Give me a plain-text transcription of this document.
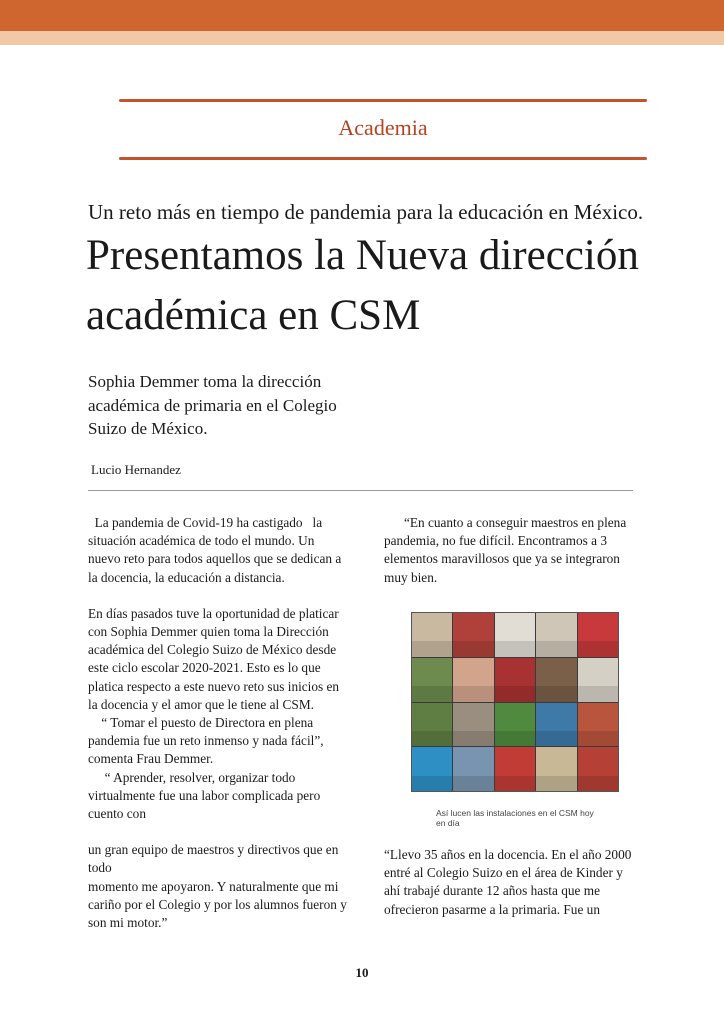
Academia
Un reto más en tiempo de pandemia para la educación en México.
Presentamos la Nueva dirección académica en CSM
Sophia Demmer toma la dirección académica de primaria en el Colegio Suizo de México.
Lucio Hernandez

La pandemia de Covid-19 ha castigado   la situación académica de todo el mundo. Un nuevo reto para todos aquellos que se dedican a la docencia, la educación a distancia.

En días pasados tuve la oportunidad de platicar con Sophia Demmer quien toma la Dirección académica del Colegio Suizo de México desde este ciclo escolar 2020-2021. Esto es lo que platica respecto a este nuevo reto sus inicios en la docencia y el amor que le tiene al CSM.

“ Tomar el puesto de Directora en plena pandemia fue un reto inmenso y nada fácil”, comenta Frau Demmer.

“ Aprender, resolver, organizar todo virtualmente fue una labor complicada pero cuento con

un gran equipo de maestros y directivos que en todo

momento me apoyaron. Y naturalmente que mi cariño por el Colegio y por los alumnos fueron y son mi motor.”

“En cuanto a conseguir maestros en plena pandemia, no fue difícil. Encontramos a 3 elementos maravillosos que ya se integraron muy bien.

Así lucen las instalaciones en el CSM hoy en día

“Llevo 35 años en la docencia. En el año 2000 entré al Colegio Suizo en el área de Kinder y ahí trabajé durante 12 años hasta que me ofrecieron pasarme a la primaria. Fue un

10
